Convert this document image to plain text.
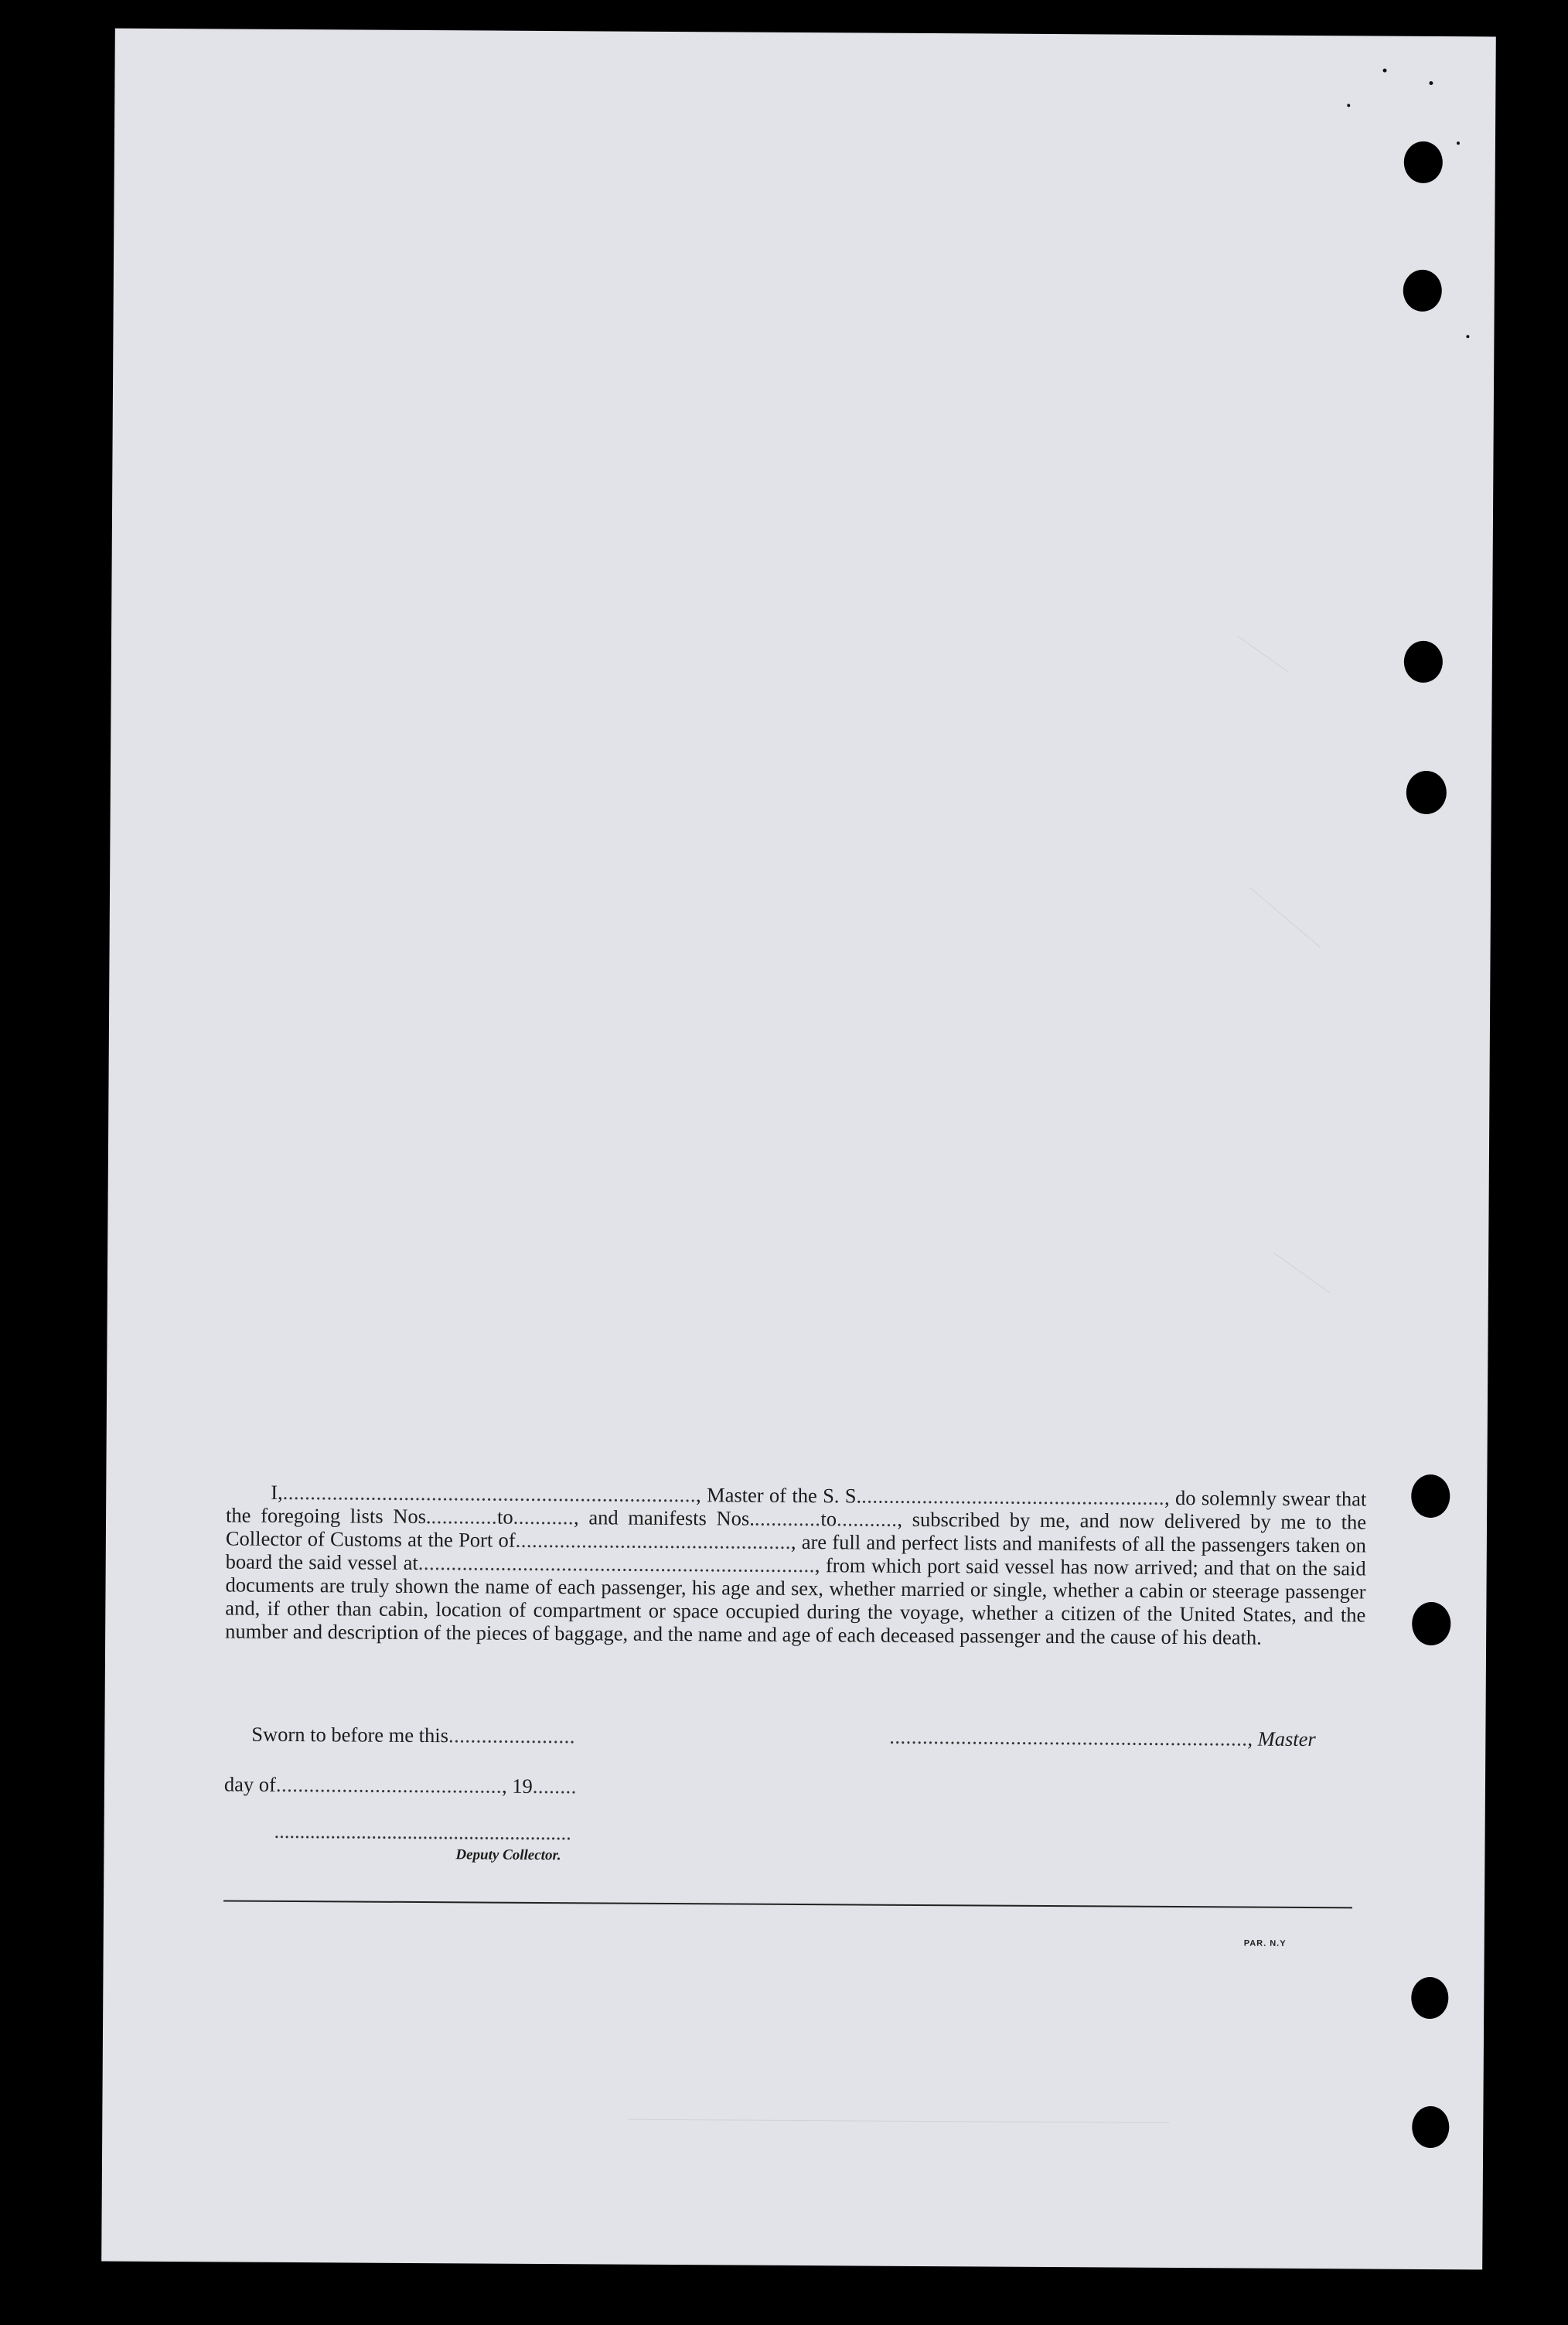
I,..........................................................................., Master of the S. S........................................................, do solemnly swear that the foregoing lists Nos.............to..........., and manifests Nos.............to..........., subscribed by me, and now delivered by me to the Collector of Customs at the Port of.................................................., are full and perfect lists and manifests of all the passengers taken on board the said vessel at........................................................................, from which port said vessel has now arrived; and that on the said documents are truly shown the name of each passenger, his age and sex, whether married or single, whether a cabin or steerage passenger and, if other than cabin, location of compartment or space occupied during the voyage, whether a citizen of the United States, and the number and description of the pieces of baggage, and the name and age of each deceased passenger and the cause of his death.

Sworn to before me this.......................	................................................................., Master
day of........................................., 19........
..........................................................
Deputy Collector.
PAR. N.Y
